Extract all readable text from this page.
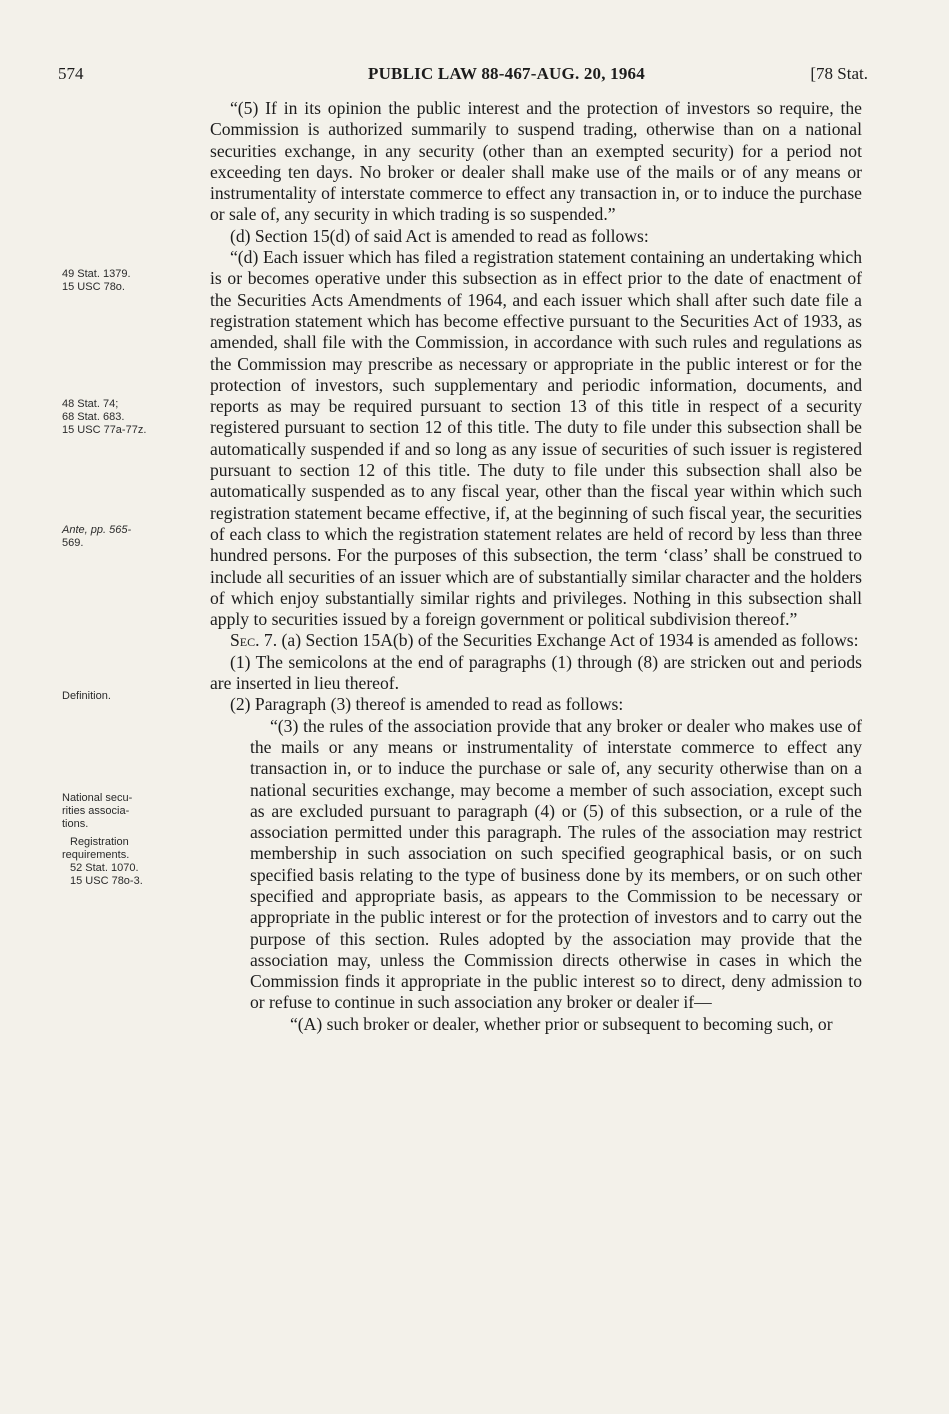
574	PUBLIC LAW 88-467-AUG. 20, 1964	[78 Stat.
49 Stat. 1379.
15 USC 78o.
48 Stat. 74;
68 Stat. 683.
15 USC 77a-77z.
Ante, pp. 565-
569.
Definition.
National secu-
rities associa-
tions.
Registration
requirements.
52 Stat. 1070.
15 USC 78o-3.

“(5) If in its opinion the public interest and the protection of investors so require, the Commission is authorized summarily to suspend trading, otherwise than on a national securities exchange, in any security (other than an exempted security) for a period not exceeding ten days. No broker or dealer shall make use of the mails or of any means or instrumentality of interstate commerce to effect any transaction in, or to induce the purchase or sale of, any security in which trading is so suspended.”

(d) Section 15(d) of said Act is amended to read as follows:

“(d) Each issuer which has filed a registration statement containing an undertaking which is or becomes operative under this subsection as in effect prior to the date of enactment of the Securities Acts Amendments of 1964, and each issuer which shall after such date file a registration statement which has become effective pursuant to the Securities Act of 1933, as amended, shall file with the Commission, in accordance with such rules and regulations as the Commission may prescribe as necessary or appropriate in the public interest or for the protection of investors, such supplementary and periodic information, documents, and reports as may be required pursuant to section 13 of this title in respect of a security registered pursuant to section 12 of this title. The duty to file under this subsection shall be automatically suspended if and so long as any issue of securities of such issuer is registered pursuant to section 12 of this title. The duty to file under this subsection shall also be automatically suspended as to any fiscal year, other than the fiscal year within which such registration statement became effective, if, at the beginning of such fiscal year, the securities of each class to which the registration statement relates are held of record by less than three hundred persons. For the purposes of this subsection, the term ‘class’ shall be construed to include all securities of an issuer which are of substantially similar character and the holders of which enjoy substantially similar rights and privileges. Nothing in this subsection shall apply to securities issued by a foreign government or political subdivision thereof.”

Sec. 7. (a) Section 15A(b) of the Securities Exchange Act of 1934 is amended as follows:

(1) The semicolons at the end of paragraphs (1) through (8) are stricken out and periods are inserted in lieu thereof.

(2) Paragraph (3) thereof is amended to read as follows:

“(3) the rules of the association provide that any broker or dealer who makes use of the mails or any means or instrumentality of interstate commerce to effect any transaction in, or to induce the purchase or sale of, any security otherwise than on a national securities exchange, may become a member of such association, except such as are excluded pursuant to paragraph (4) or (5) of this subsection, or a rule of the association permitted under this paragraph. The rules of the association may restrict membership in such association on such specified geographical basis, or on such specified basis relating to the type of business done by its members, or on such other specified and appropriate basis, as appears to the Commission to be necessary or appropriate in the public interest or for the protection of investors and to carry out the purpose of this section. Rules adopted by the association may provide that the association may, unless the Commission directs otherwise in cases in which the Commission finds it appropriate in the public interest so to direct, deny admission to or refuse to continue in such association any broker or dealer if—

“(A) such broker or dealer, whether prior or subsequent to becoming such, or
